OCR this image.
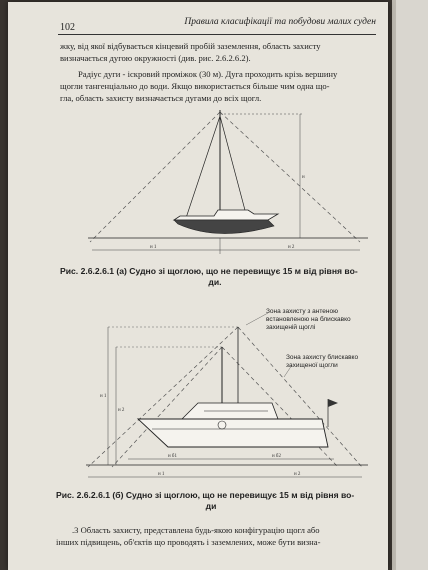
102	Правила класифікації та побудови малих суден
жку, від якої відбувається кінцевий пробій заземлення, область захисту
визначається дугою окружності (див. рис. 2.6.2.6.2).
Радіус дуги - іскровий проміжок (30 м). Дуга проходить крізь вершину
щогли тангенціально до води. Якщо використається більше чим одна що-
гла, область захисту визначається дугами до всіх щогл.
н
н 1	н 2
Рис. 2.6.2.6.1 (а) Судно зі щоглою, що не перевищує 15 м від рівня во-
ди.
н 1
н 2
н б1	н б2
н 1	н 2
Зона захисту з антеною
встановленою на блискавко
захищеній щоглі
Зона захисту блискавко
захищеної щогли
Рис. 2.6.2.6.1 (б) Судно зі щоглою, що не перевищує 15 м від рівня во-
ди
.3 Область захисту, представлена будь-якою конфігурацію щогл або
інших підвищень, об'єктів що проводять і заземлених, може бути визна-
